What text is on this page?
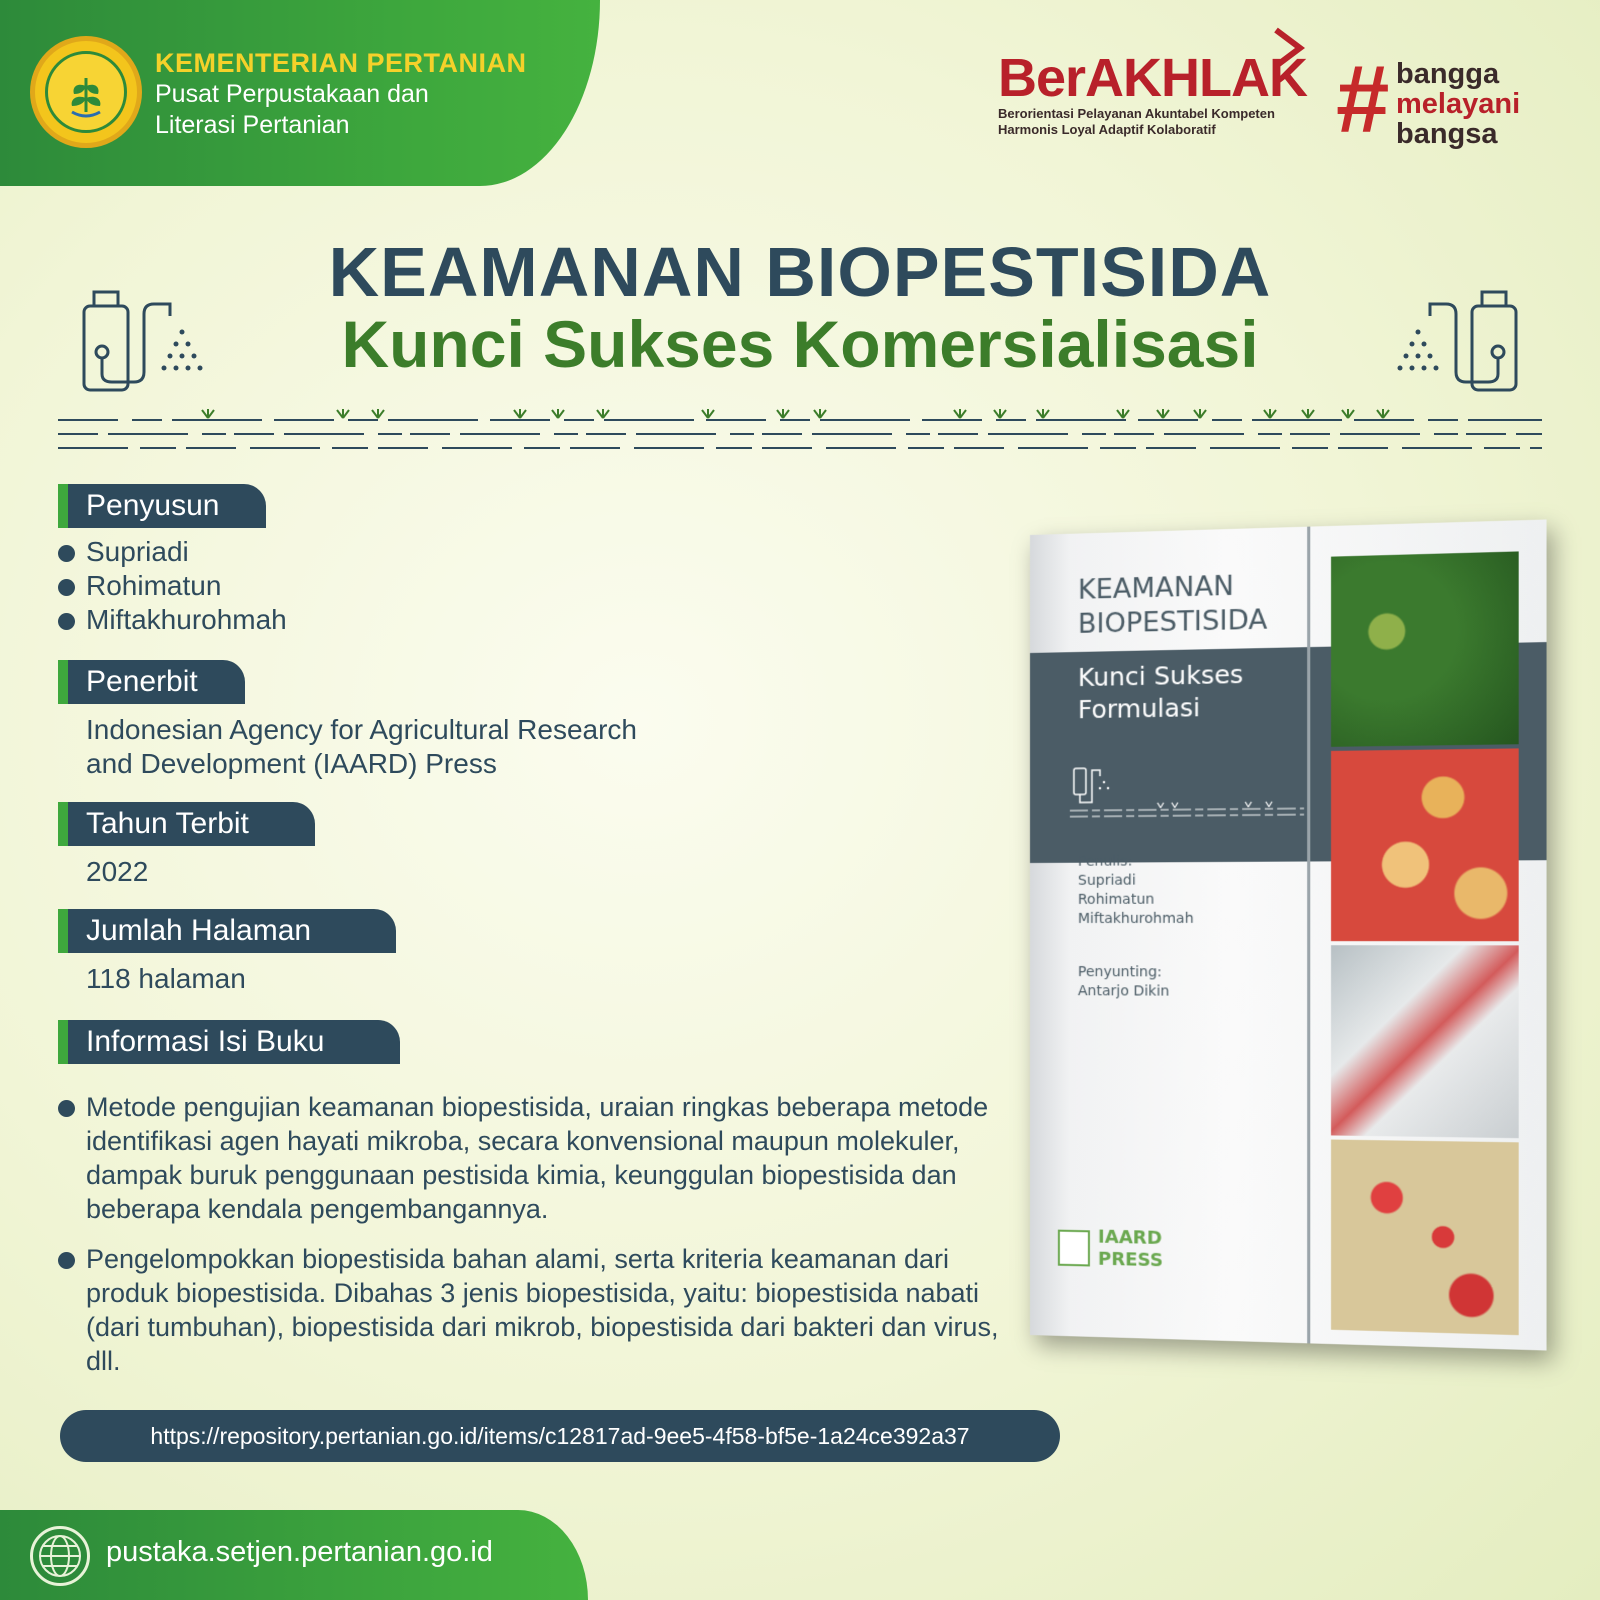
KEMENTERIAN PERTANIAN
Pusat Perpustakaan dan
Literasi Pertanian
BerAKHLAK
Berorientasi Pelayanan Akuntabel Kompeten
Harmonis Loyal Adaptif Kolaboratif	# bangga
melayani
bangsa
KEAMANAN BIOPESTISIDA
Kunci Sukses Komersialisasi
Penyusun
Supriadi
Rohimatun
Miftakhurohmah
Penerbit
Indonesian Agency for Agricultural Research
and Development (IAARD) Press
Tahun Terbit
2022
Jumlah Halaman
118 halaman
Informasi Isi Buku
Metode pengujian keamanan biopestisida, uraian ringkas beberapa metode identifikasi agen hayati mikroba, secara konvensional maupun molekuler, dampak buruk penggunaan pestisida kimia, keunggulan biopestisida dan beberapa kendala pengembangannya.
Pengelompokkan biopestisida bahan alami, serta kriteria keamanan dari produk biopestisida. Dibahas 3 jenis biopestisida, yaitu: biopestisida nabati (dari tumbuhan), biopestisida dari mikrob, biopestisida dari bakteri dan virus, dll.
https://repository.pertanian.go.id/items/c12817ad-9ee5-4f58-bf5e-1a24ce392a37
KEAMANAN
BIOPESTISIDA
Kunci Sukses
Formulasi
Penulis:
Supriadi
Rohimatun
Miftakhurohmah
Penyunting:
Antarjo Dikin
IAARD
PRESS
pustaka.setjen.pertanian.go.id
